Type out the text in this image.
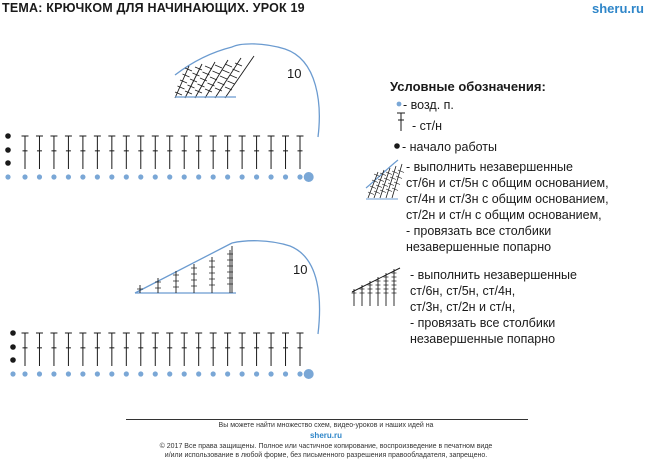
ТЕМА: КРЮЧКОМ ДЛЯ НАЧИНАЮЩИХ. УРОК 19	sheru.ru
10
10
Условные обозначения:
- возд. п.
- ст/н
- начало работы
- выполнить незавершенные
ст/6н и ст/5н с общим основанием,
ст/4н и ст/3н с общим основанием,
ст/2н и ст/н с общим основанием,
- провязать все столбики
незавершенные попарно
- выполнить незавершенные
ст/6н, ст/5н, ст/4н,
ст/3н, ст/2н и ст/н,
- провязать все столбики
незавершенные попарно
Вы можете найти множество схем, видео-уроков и наших идей на
sheru.ru
© 2017 Все права защищены. Полное или частичное копирование, воспроизведение в печатном виде
и/или использование в любой форме, без письменного разрешения правообладателя, запрещено.
